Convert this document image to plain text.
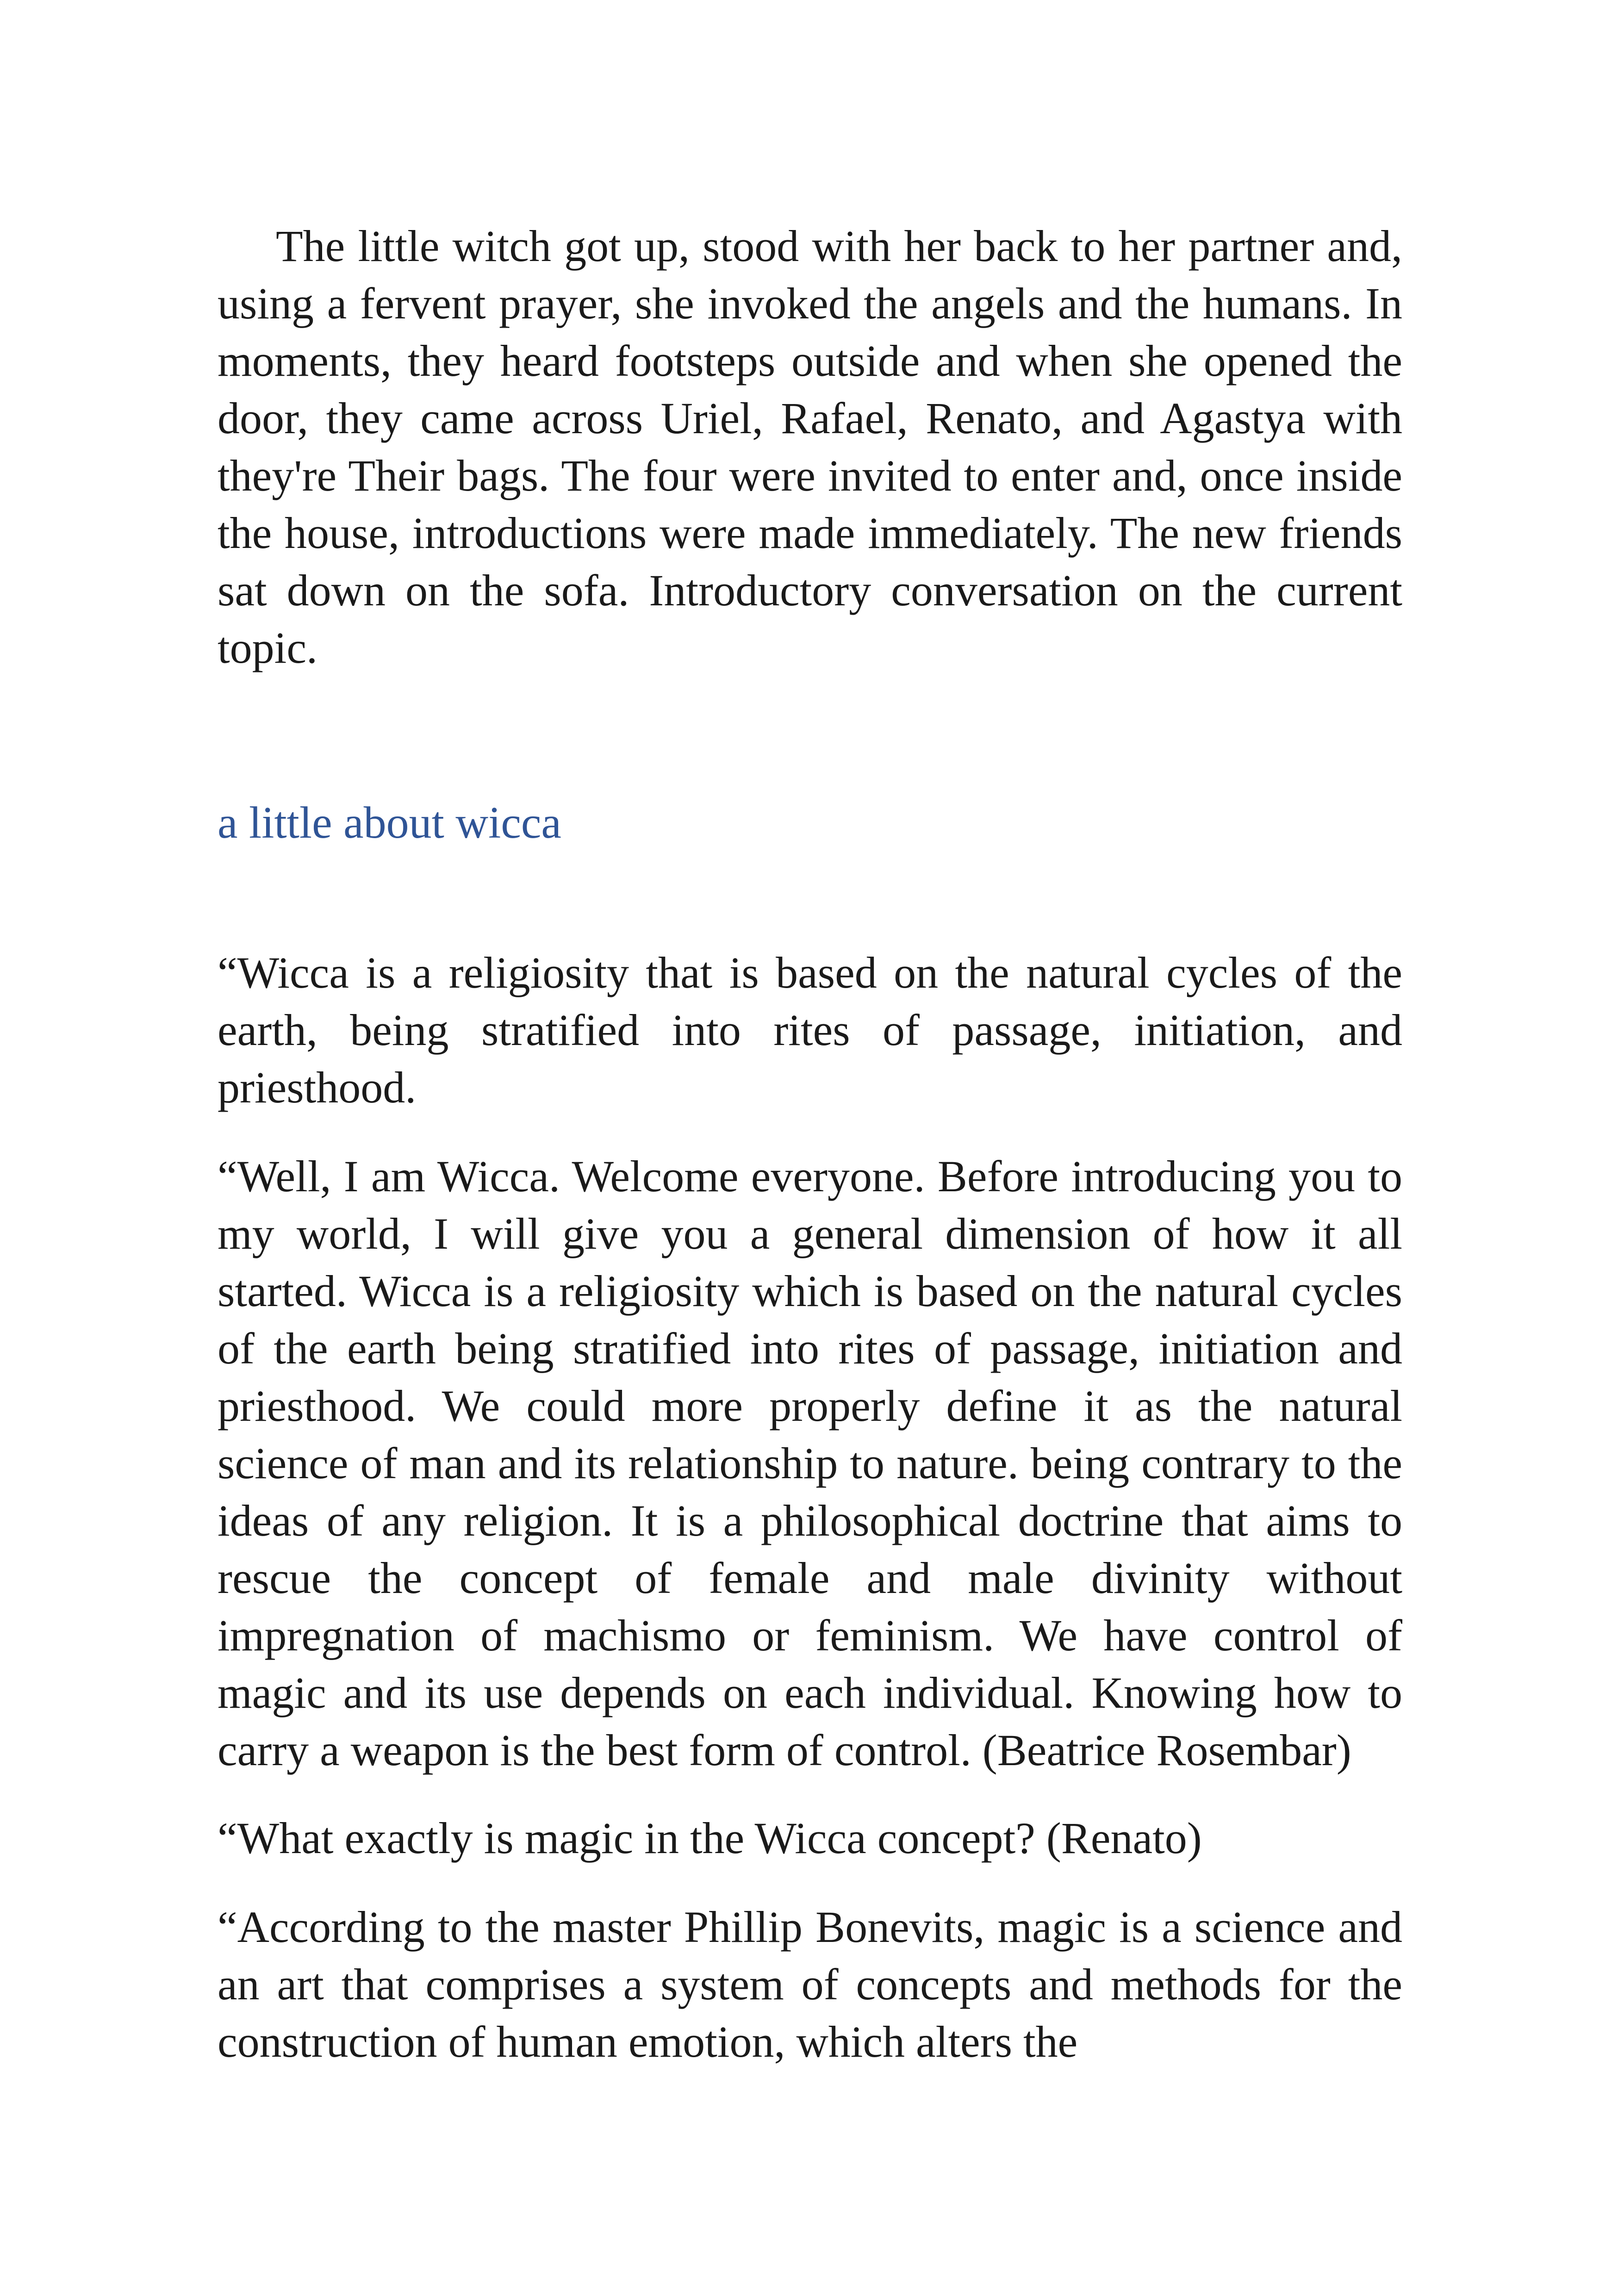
The little witch got up, stood with her back to her partner and, using a fervent prayer, she invoked the angels and the humans. In moments, they heard footsteps outside and when she opened the door, they came across Uriel, Rafael, Renato, and Agastya with they're Their bags. The four were invited to enter and, once inside the house, introductions were made immediately. The new friends sat down on the sofa. Introductory conversation on the current topic.

a little about wicca

“Wicca is a religiosity that is based on the natural cycles of the earth, being stratified into rites of passage, initiation, and priesthood.

“Well, I am Wicca. Welcome everyone. Before introducing you to my world, I will give you a general dimension of how it all started. Wicca is a religiosity which is based on the natural cycles of the earth being stratified into rites of passage, initiation and priesthood. We could more properly define it as the natural science of man and its relationship to nature. being contrary to the ideas of any religion. It is a philosophical doctrine that aims to rescue the concept of female and male divinity without impregnation of machismo or feminism. We have control of magic and its use depends on each individual. Knowing how to carry a weapon is the best form of control. (Beatrice Rosembar)

“What exactly is magic in the Wicca concept? (Renato)

“According to the master Phillip Bonevits, magic is a science and an art that comprises a system of concepts and methods for the construction of human emotion, which alters the
